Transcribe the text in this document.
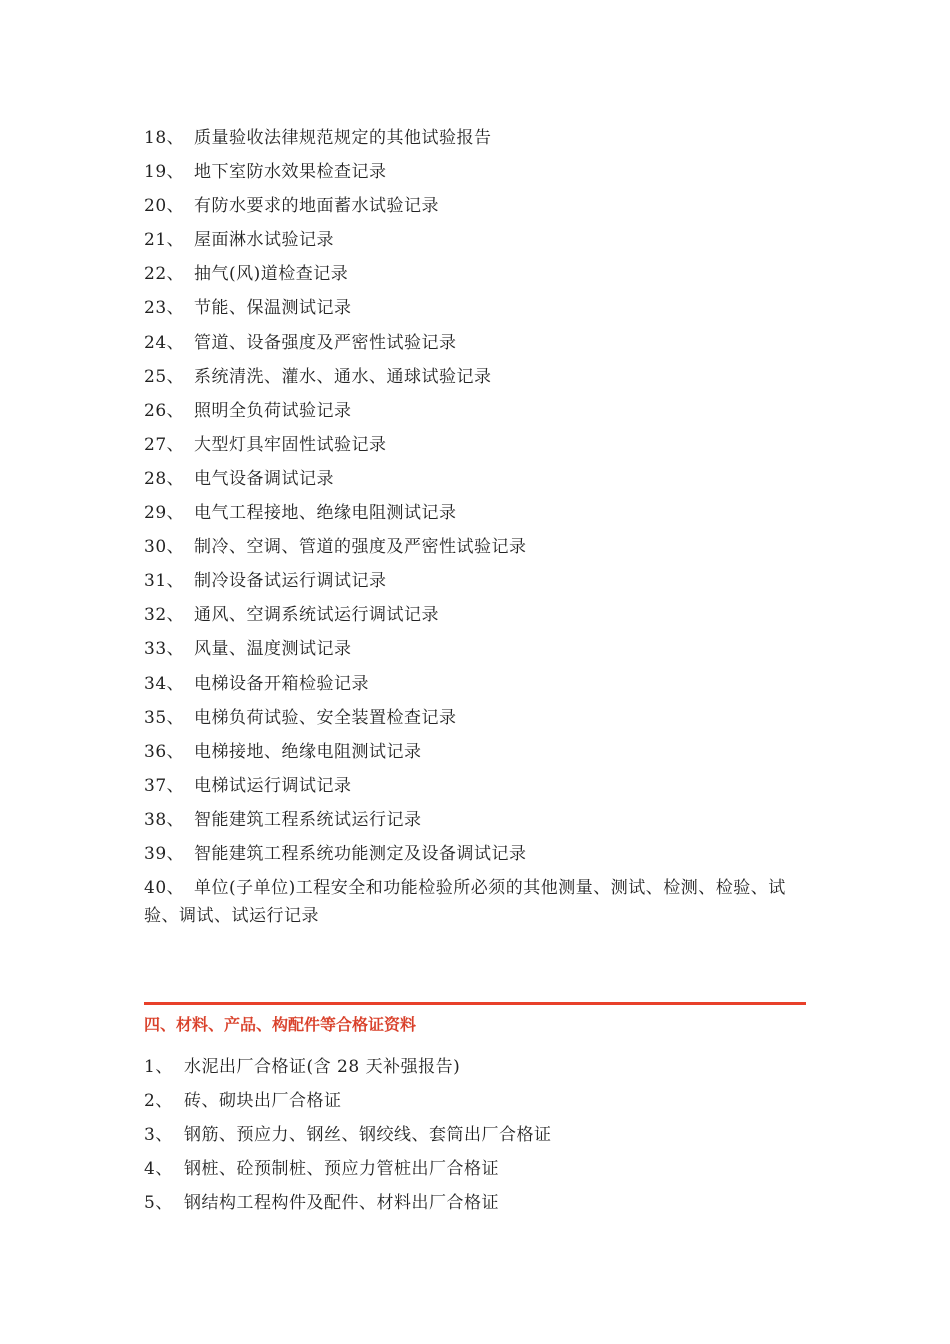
18、 质量验收法律规范规定的其他试验报告
19、 地下室防水效果检查记录
20、 有防水要求的地面蓄水试验记录
21、 屋面淋水试验记录
22、 抽气(风)道检查记录
23、 节能、保温测试记录
24、 管道、设备强度及严密性试验记录
25、 系统清洗、灌水、通水、通球试验记录
26、 照明全负荷试验记录
27、 大型灯具牢固性试验记录
28、 电气设备调试记录
29、 电气工程接地、绝缘电阻测试记录
30、 制冷、空调、管道的强度及严密性试验记录
31、 制冷设备试运行调试记录
32、 通风、空调系统试运行调试记录
33、 风量、温度测试记录
34、 电梯设备开箱检验记录
35、 电梯负荷试验、安全装置检查记录
36、 电梯接地、绝缘电阻测试记录
37、 电梯试运行调试记录
38、 智能建筑工程系统试运行记录
39、 智能建筑工程系统功能测定及设备调试记录
40、 单位(子单位)工程安全和功能检验所必须的其他测量、测试、检测、检验、试验、调试、试运行记录
四、材料、产品、构配件等合格证资料
1、 水泥出厂合格证(含 28 天补强报告)
2、 砖、砌块出厂合格证
3、 钢筋、预应力、钢丝、钢绞线、套筒出厂合格证
4、 钢桩、砼预制桩、预应力管桩出厂合格证
5、 钢结构工程构件及配件、材料出厂合格证
